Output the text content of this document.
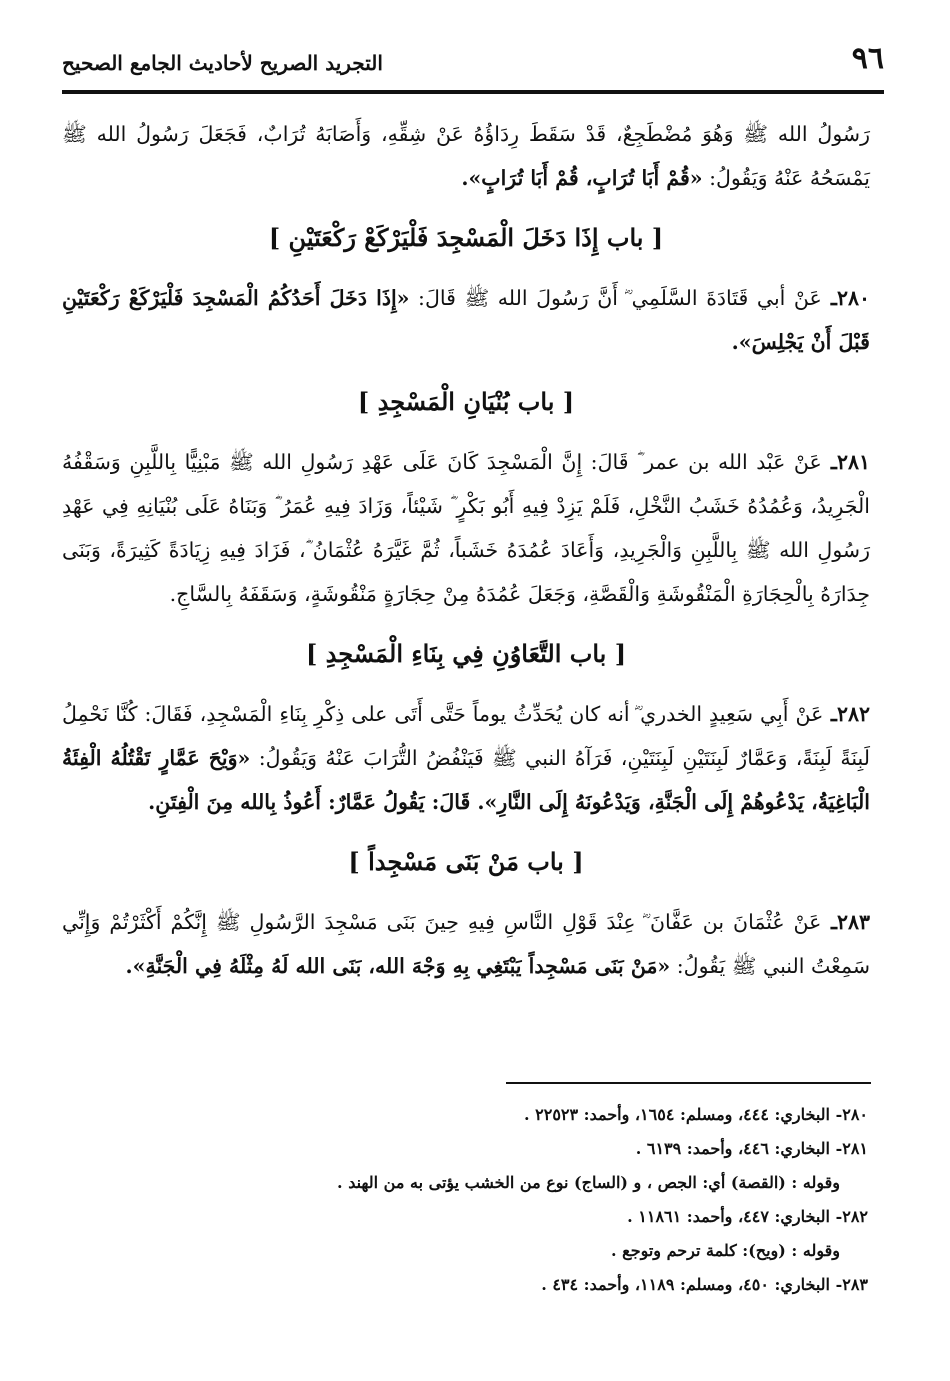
٩٦
التجريد الصريح لأحاديث الجامع الصحيح

رَسُولُ الله ﷺ وَهُوَ مُضْطَجِعٌ، قَدْ سَقَطَ رِدَاؤُهُ عَنْ شِقِّهِ، وَأَصَابَهُ تُرَابٌ، فَجَعَلَ رَسُولُ الله ﷺ يَمْسَحُهُ عَنْهُ وَيَقُولُ: «قُمْ أَبَا تُرَابٍ، قُمْ أَبَا تُرَابٍ».

[ باب إِذَا دَخَلَ الْمَسْجِدَ فَلْيَرْكَعْ رَكْعَتَيْنِ ]

٢٨٠ـ عَنْ أبي قَتَادَةَ السَّلَمِي ؓ أَنَّ رَسُولَ الله ﷺ قَالَ: «إِذَا دَخَلَ أَحَدُكُمُ الْمَسْجِدَ فَلْيَرْكَعْ رَكْعَتَيْنِ قَبْلَ أَنْ يَجْلِسَ».

[ باب بُنْيَانِ الْمَسْجِدِ ]

٢٨١ـ عَنْ عَبْد الله بن عمر ؓ قَالَ: إِنَّ الْمَسْجِدَ كَانَ عَلَى عَهْدِ رَسُولِ الله ﷺ مَبْنِيًّا بِاللَّبِنِ وَسَقْفُهُ الْجَرِيدُ، وَعُمُدُهُ خَشَبُ النَّخْلِ، فَلَمْ يَزِدْ فِيهِ أَبُو بَكْرٍ ؓ شَيْئاً، وَزَادَ فِيهِ عُمَرُ ؓ وَبَنَاهُ عَلَى بُنْيَانِهِ فِي عَهْدِ رَسُولِ الله ﷺ بِاللَّبِنِ وَالْجَرِيدِ، وَأَعَادَ عُمُدَهُ خَشَباً، ثُمَّ غَيَّرَهُ عُثْمَانُ ؓ، فَزَادَ فِيهِ زِيَادَةً كَثِيرَةً، وَبَنَى جِدَارَهُ بِالْحِجَارَةِ الْمَنْقُوشَةِ وَالْقَصَّةِ، وَجَعَلَ عُمُدَهُ مِنْ حِجَارَةٍ مَنْقُوشَةٍ، وَسَقَفَهُ بِالسَّاجِ.

[ باب التَّعَاوُنِ فِي بِنَاءِ الْمَسْجِدِ ]

٢٨٢ـ عَنْ أَبِي سَعِيدٍ الخدري ؓ أنه كان يُحَدِّثُ يوماً حَتَّى أَتَى على ذِكْرِ بِنَاءِ الْمَسْجِدِ، فَقَالَ: كُنَّا نَحْمِلُ لَبِنَةً لَبِنَةً، وَعَمَّارٌ لَبِنَتَيْنِ لَبِنَتَيْنِ، فَرَآهُ النبي ﷺ فَيَنْفُضُ التُّرَابَ عَنْهُ وَيَقُولُ: «وَيْحَ عَمَّارٍ تَقْتُلُهُ الْفِئَةُ الْبَاغِيَةُ، يَدْعُوهُمْ إِلَى الْجَنَّةِ، وَيَدْعُونَهُ إِلَى النَّارِ». قَالَ: يَقُولُ عَمَّارٌ: أَعُوذُ بِالله مِنَ الْفِتَنِ.

[ باب مَنْ بَنَى مَسْجِداً ]

٢٨٣ـ عَنْ عُثْمَانَ بن عَفَّانَ ؓ عِنْدَ قَوْلِ النَّاسِ فِيهِ حِينَ بَنَى مَسْجِدَ الرَّسُولِ ﷺ إِنَّكُمْ أَكْثَرْتُمْ وَإِنِّي سَمِعْتُ النبي ﷺ يَقُولُ: «مَنْ بَنَى مَسْجِداً يَبْتَغِي بِهِ وَجْهَ الله، بَنَى الله لَهُ مِثْلَهُ فِي الْجَنَّةِ».

٢٨٠- البخاري: ٤٤٤، ومسلم: ١٦٥٤، وأحمد: ٢٢٥٢٣ .

٢٨١- البخاري: ٤٤٦، وأحمد: ٦١٣٩ .

وقوله : (القصة) أي: الجص ، و (الساج) نوع من الخشب يؤتى به من الهند .

٢٨٢- البخاري: ٤٤٧، وأحمد: ١١٨٦١ .

وقوله : (ويح): كلمة ترحم وتوجع .

٢٨٣- البخاري: ٤٥٠، ومسلم: ١١٨٩، وأحمد: ٤٣٤ .
